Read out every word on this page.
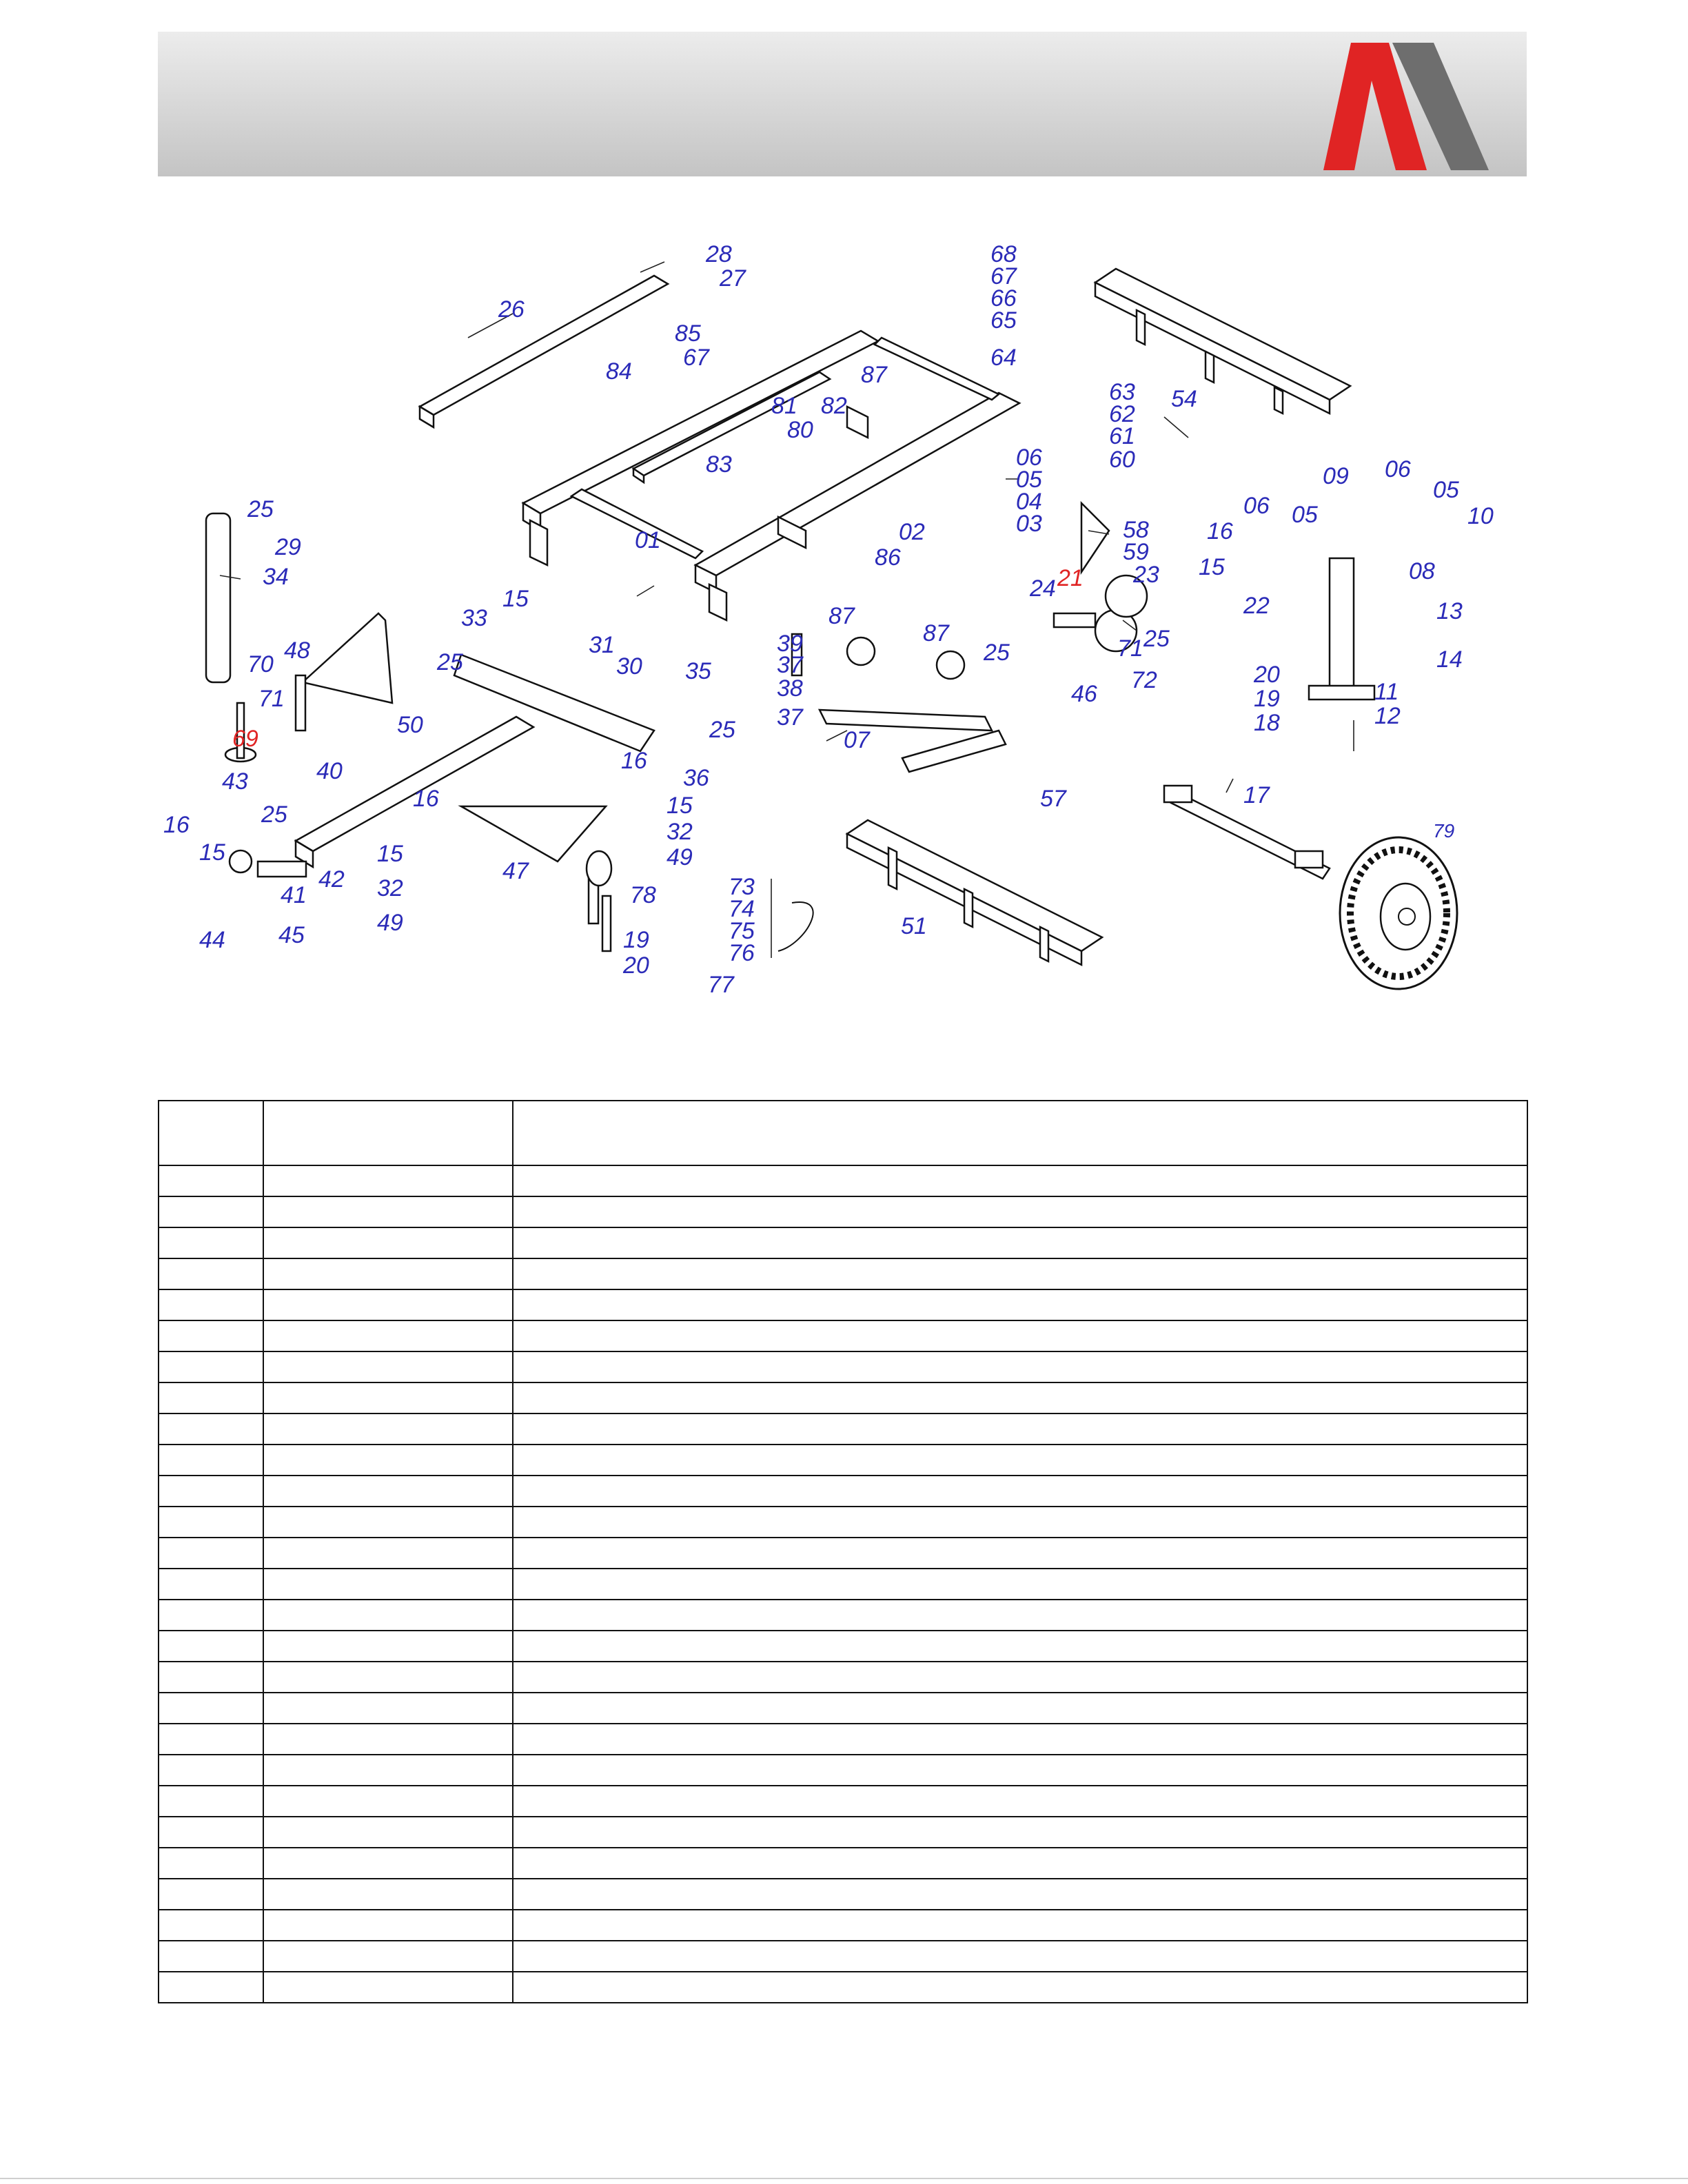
28
27
26
85
67
84
68
67
66
65
64
87
81 82
80
83
54
63
62
61
60
06
05
04
03
02
86
01	58
59
09 06
05
06 05	10
16
15	08
22	13
14
11
12
25
29
34
33
15
31
35
30
39
37
38
37
87
87
07
24 21 23
25
25
71
72
46
20
19
18
48	25
70
71
50
69	25
36
16
15
32
49
40
43
25
16
15
42
41
44 45
16
15
32
49
47
57	17
79
78
19
20
73
74
75
76
77
51
